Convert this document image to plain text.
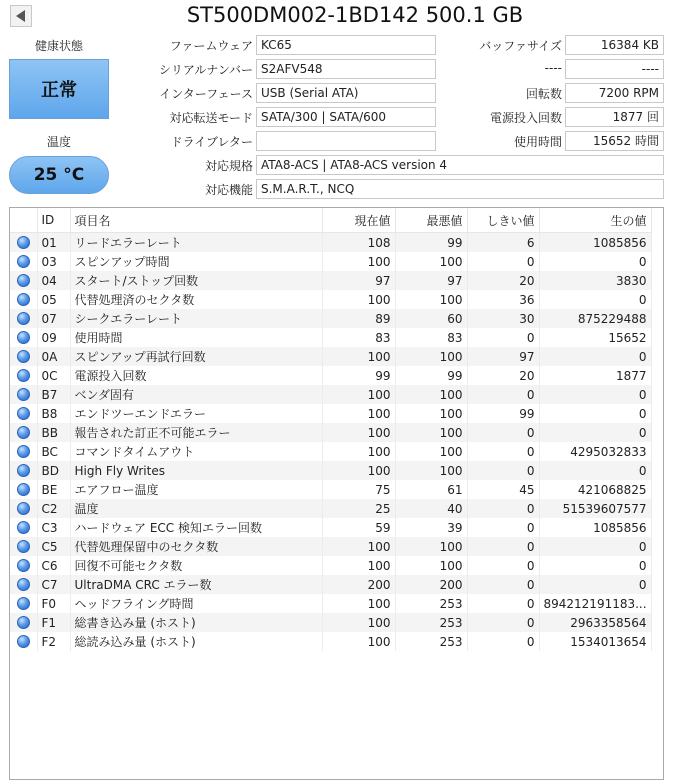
ST500DM002-1BD142 500.1 GB
健康状態
正常
温度
25 °C
ファームウェア KC65
シリアルナンバー S2AFV548
インターフェース USB (Serial ATA)
対応転送モード SATA/300 | SATA/600
ドライブレター
バッファサイズ	16384 KB
----	----
回転数	7200 RPM
電源投入回数	1877 回
使用時間	15652 時間
対応規格 ATA8-ACS | ATA8-ACS version 4
対応機能 S.M.A.R.T., NCQ
	ID	項目名	現在値	最悪値	しきい値	生の値

	01	リードエラーレート	108	99	6	1085856

	03	スピンアップ時間	100	100	0	0

	04	スタート/ストップ回数	97	97	20	3830

	05	代替処理済のセクタ数	100	100	36	0

	07	シークエラーレート	89	60	30	875229488

	09	使用時間	83	83	0	15652

	0A	スピンアップ再試行回数	100	100	97	0

	0C	電源投入回数	99	99	20	1877

	B7	ベンダ固有	100	100	0	0

	B8	エンドツーエンドエラー	100	100	99	0

	BB	報告された訂正不可能エラー	100	100	0	0

	BC	コマンドタイムアウト	100	100	0	4295032833

	BD	High Fly Writes	100	100	0	0

	BE	エアフロー温度	75	61	45	421068825

	C2	温度	25	40	0	51539607577

	C3	ハードウェア ECC 検知エラー回数	59	39	0	1085856

	C5	代替処理保留中のセクタ数	100	100	0	0

	C6	回復不可能セクタ数	100	100	0	0

	C7	UltraDMA CRC エラー数	200	200	0	0

	F0	ヘッドフライング時間	100	253	0	894212191183...

	F1	総書き込み量 (ホスト)	100	253	0	2963358564

	F2	総読み込み量 (ホスト)	100	253	0	1534013654
